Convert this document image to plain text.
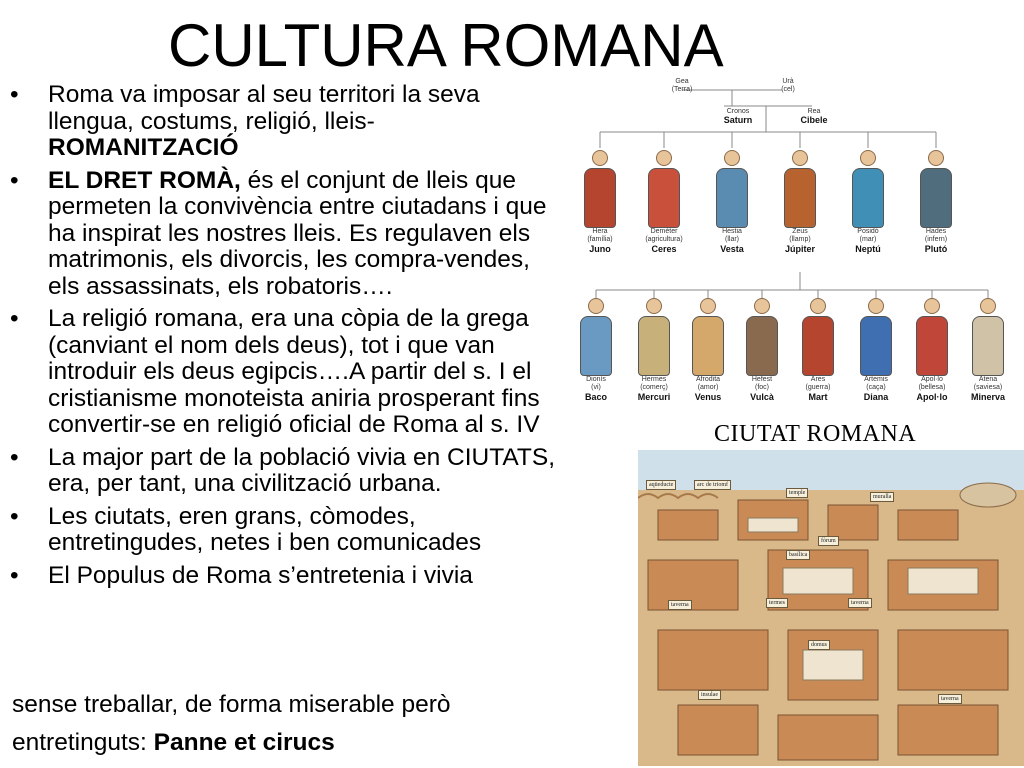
CULTURA ROMANA
• Roma va imposar al seu territori la seva llengua, costums, religió, lleis- ROMANITZACIÓ
• EL DRET ROMÀ, és el conjunt de lleis que permeten la convivència entre ciutadans i que ha inspirat les nostres lleis. Es regulaven els matrimonis, els divorcis, les compra-vendes, els assassinats, els robatoris….
• La religió romana, era una còpia de la grega (canviant el nom dels deus), tot i que van introduir els deus egipcis….A partir del s. I el cristianisme monoteista aniria prosperant fins convertir-se en religió oficial de Roma al s. IV
• La major part de la població vivia en CIUTATS, era, per tant, una civilització urbana.
• Les ciutats, eren grans, còmodes, entretingudes, netes i ben comunicades
• El Populus de Roma s’entretenia i vivia
sense treballar, de forma miserable però
entretinguts: Panne et cirucs
Gea
(Terra)
Urà
(cel)
Cronos
Saturn
Rea
Cibele
Hera
(família)
Juno
Demèter
(agricultura)
Ceres
Hestia
(llar)
Vesta
Zeus
(llamp)
Júpiter
Posidó
(mar)
Neptú
Hades
(infern)
Plutó
Dionís
(vi)
Baco
Hermes
(comerç)
Mercuri
Afrodita
(amor)
Venus
Hefest
(foc)
Vulcà
Ares
(guerra)
Mart
Àrtemis
(caça)
Diana
Apol·lo
(bellesa)
Apol·lo
Atena
(saviesa)
Minerva
CIUTAT ROMANA
aqüeducte	arc de triomf
temple
muralla
fòrum
basílica
termes
taverna	taverna
domus
insulae
taverna
